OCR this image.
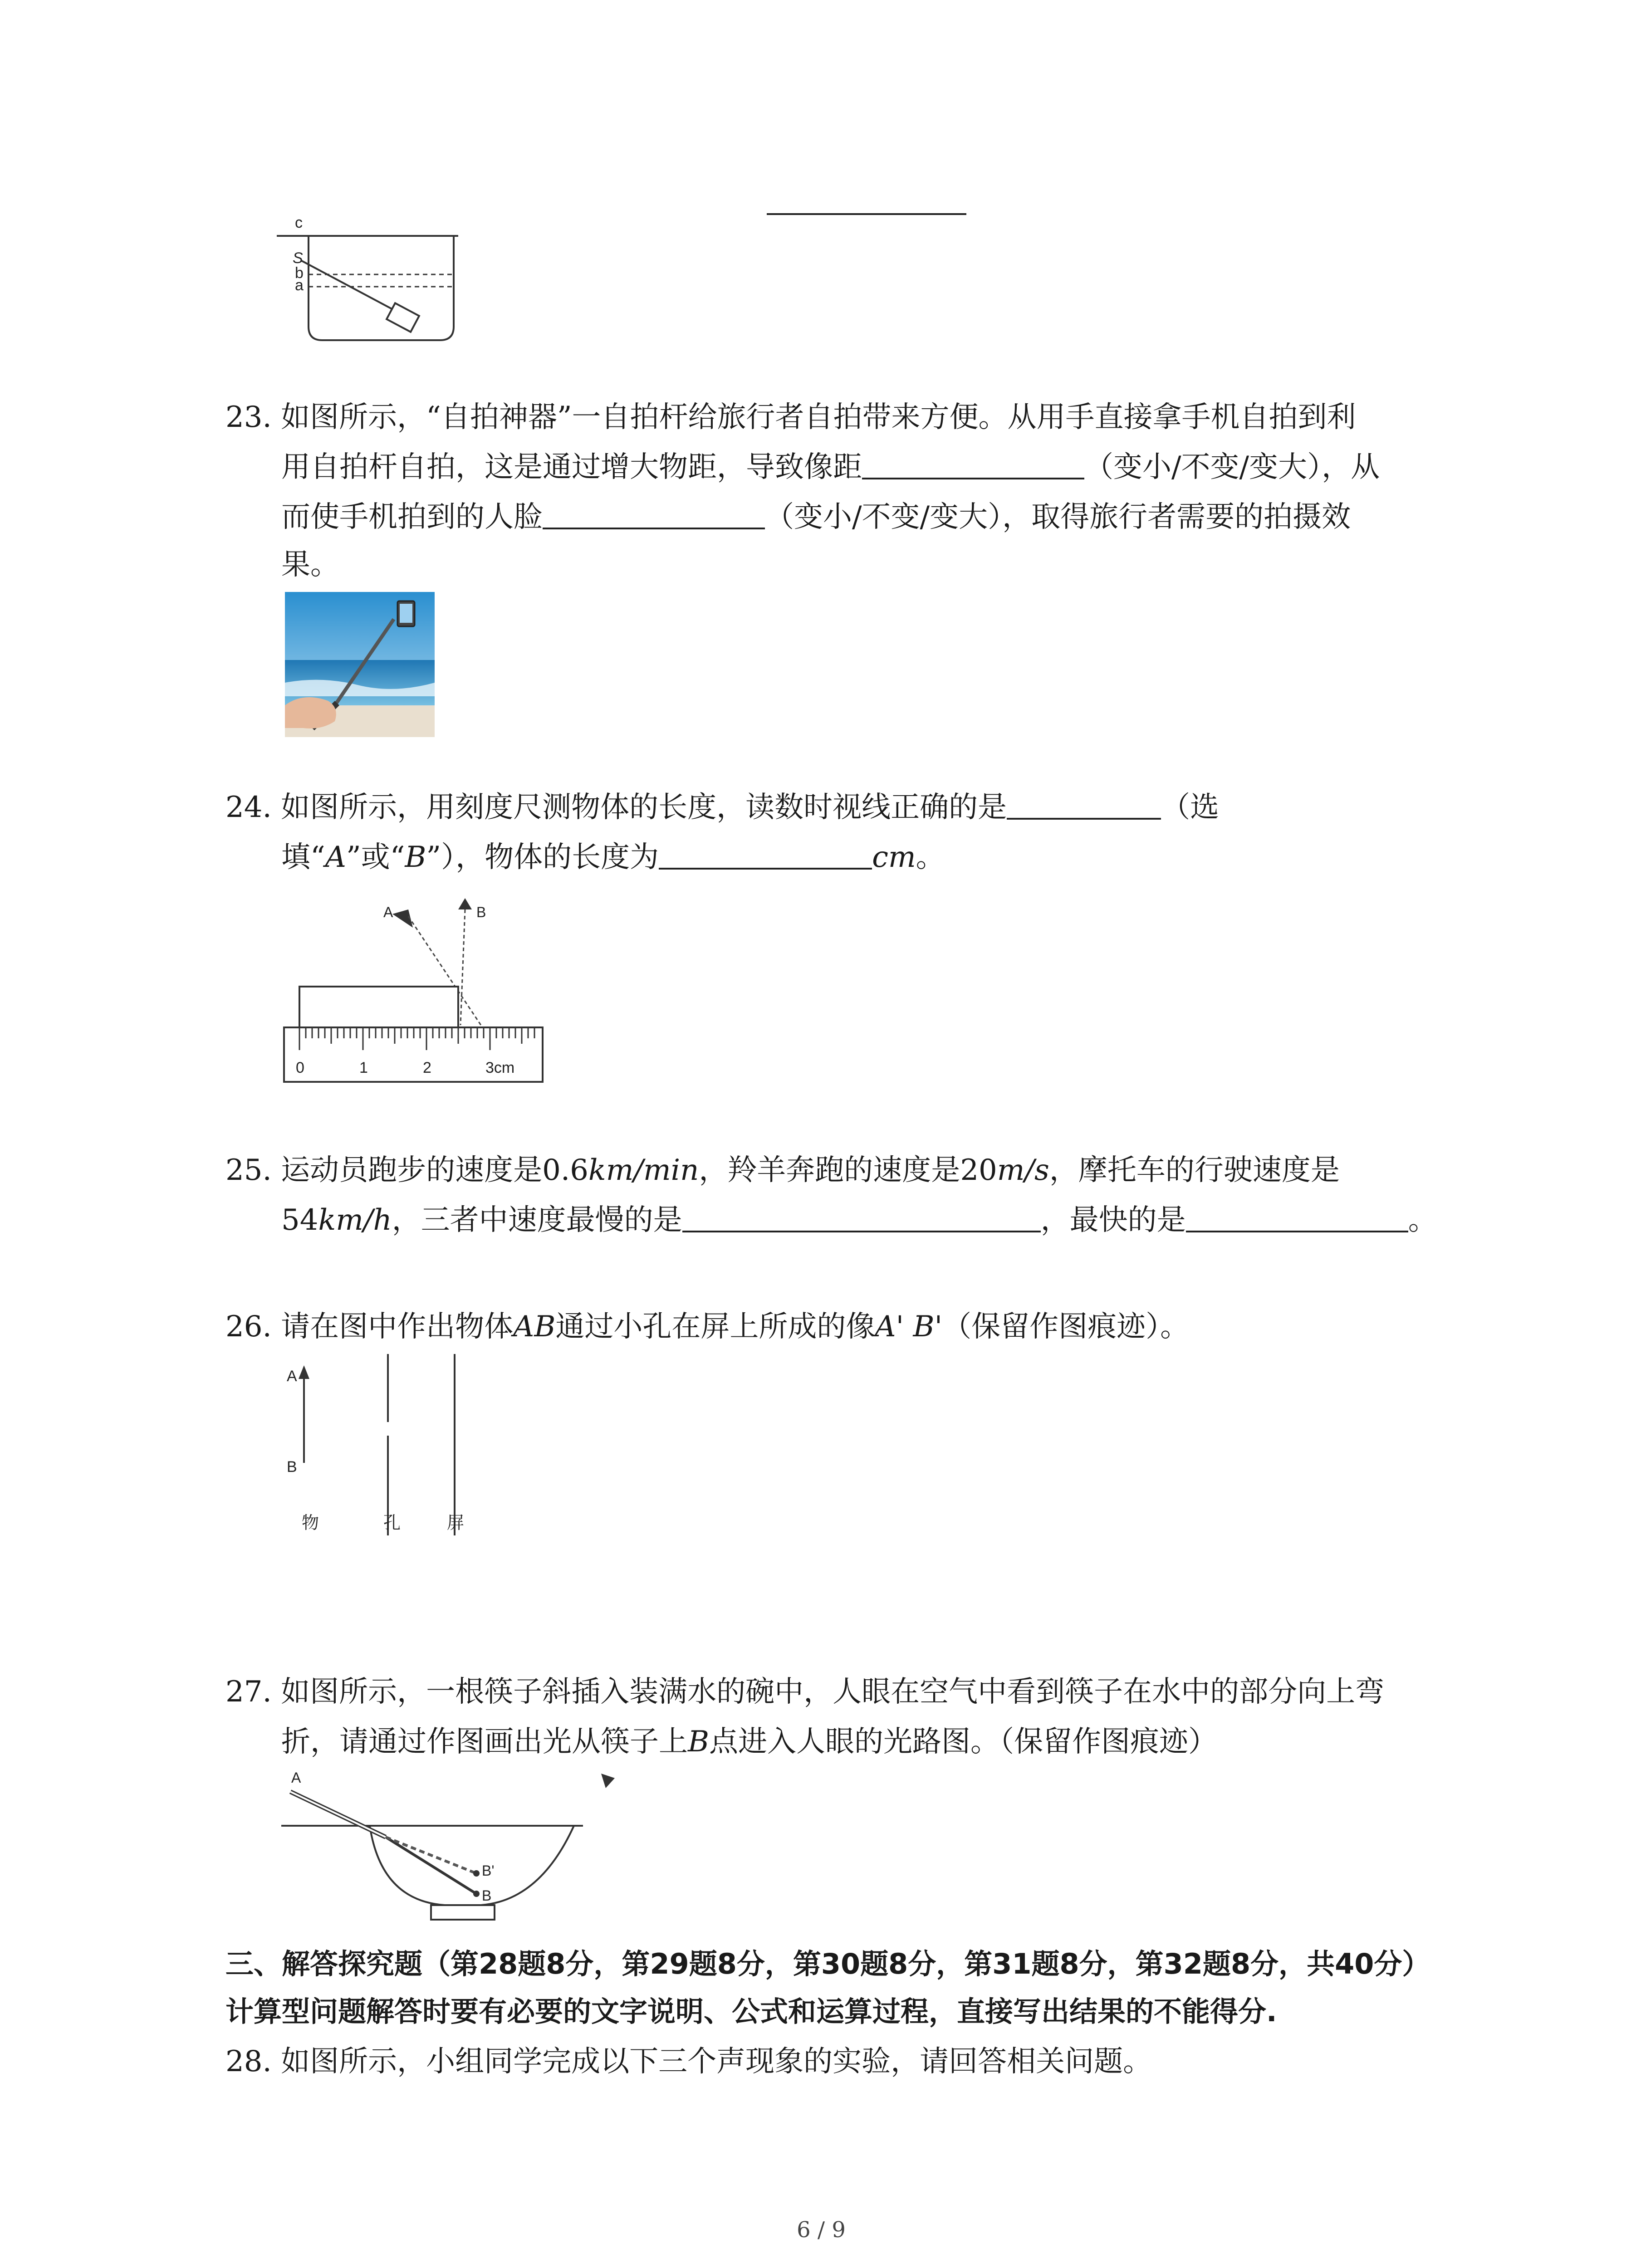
c
S
b
a
23. 如图所示，“自拍神器”一自拍杆给旅行者自拍带来方便。从用手直接拿手机自拍到利
用自拍杆自拍，这是通过增大物距，导致像距	（变小/不变/变大），从
而使手机拍到的人脸	（变小/不变/变大），取得旅行者需要的拍摄效
果。
24. 如图所示，用刻度尺测物体的长度，读数时视线正确的是	（选
填“A”或“B”），物体的长度为	cm。
A	B
0	1	2	3cm
25. 运动员跑步的速度是0.6km/min，羚羊奔跑的速度是20m/s，摩托车的行驶速度是
54km/h，三者中速度最慢的是	，最快的是	。
26. 请在图中作出物体AB通过小孔在屏上所成的像A' B'（保留作图痕迹）。
A
B
物	孔	屏
27. 如图所示，一根筷子斜插入装满水的碗中，人眼在空气中看到筷子在水中的部分向上弯
折，请通过作图画出光从筷子上B点进入人眼的光路图。（保留作图痕迹）
A
B'
B
三、解答探究题（第28题8分，第29题8分，第30题8分，第31题8分，第32题8分，共40分）
计算型问题解答时要有必要的文字说明、公式和运算过程，直接写出结果的不能得分.
28. 如图所示，小组同学完成以下三个声现象的实验，请回答相关问题。
6 / 9
